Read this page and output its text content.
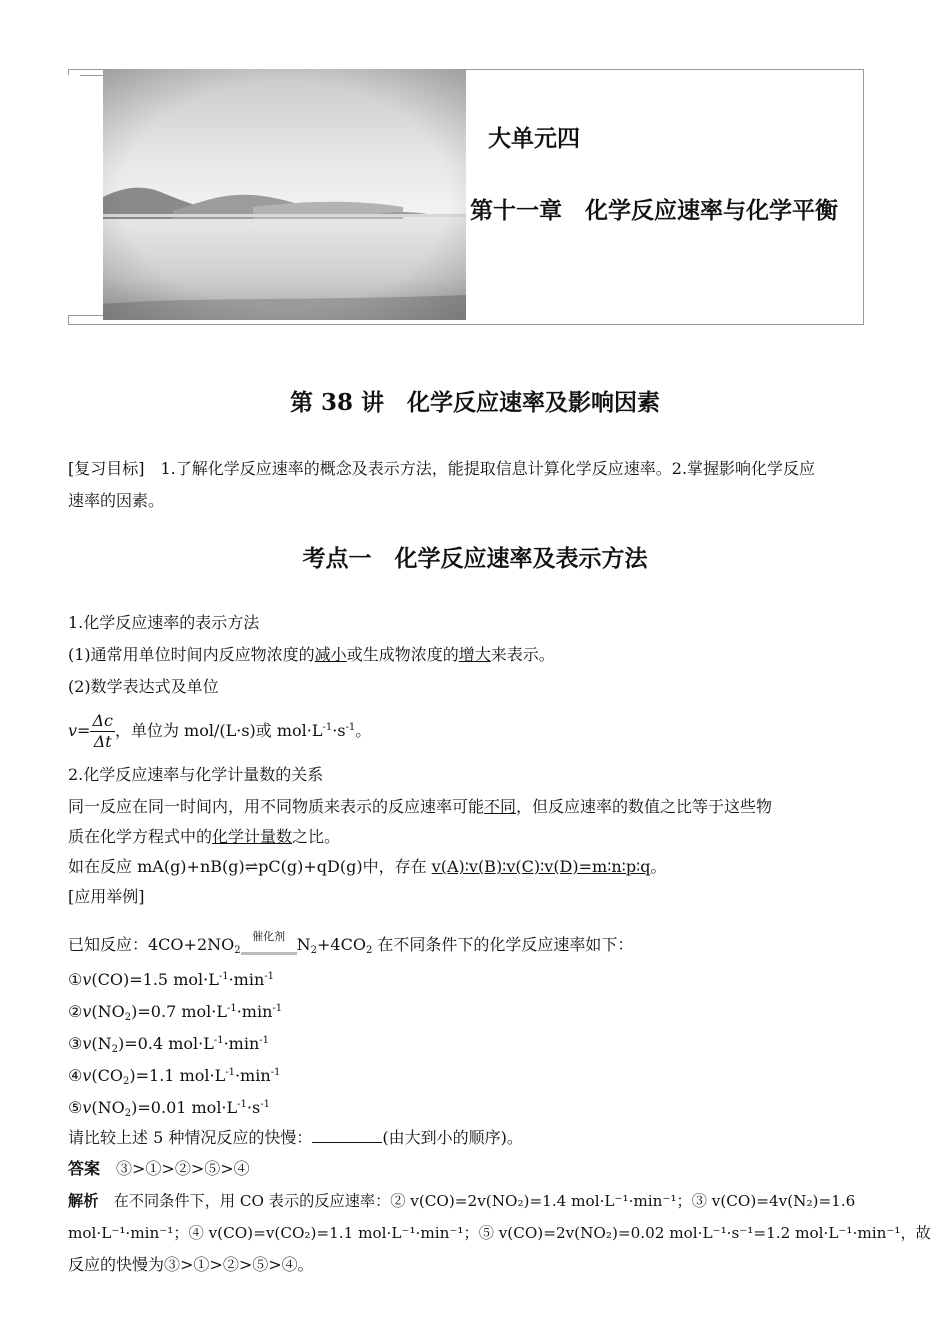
大单元四
第十一章　化学反应速率与化学平衡
第 38 讲　化学反应速率及影响因素
[复习目标]　1.了解化学反应速率的概念及表示方法，能提取信息计算化学反应速率。2.掌握影响化学反应
速率的因素。
考点一　化学反应速率及表示方法
1.化学反应速率的表示方法
(1)通常用单位时间内反应物浓度的减小或生成物浓度的增大来表示。
(2)数学表达式及单位
$v= \frac{\Delta c}{\Delta t}$ ，单位为 mol/(L·s)或 $mol\cdot L^{-1}\cdot s^{-1}$。
2.化学反应速率与化学计量数的关系
同一反应在同一时间内，用不同物质来表示的反应速率可能不同，但反应速率的数值之比等于这些物
质在化学方程式中的化学计量数之比。
如在反应 mA(g)+nB(g)⇌pC(g)+qD(g)中，存在 v(A)∶v(B)∶v(C)∶v(D)=m∶n∶p∶q。
[应用举例]
已知反应：$4CO+2NO_2$
催化剂 $N_2+4CO_2$ 在不同条件下的化学反应速率如下：
①v(CO)=1.5 $mol\cdot L^{-1}\cdot\min^{-1}$
$②v(NO_2)=0.7$ $mol\cdot L^{-1}\cdot\min^{-1}$
$③v(N_2)=0.4$ $mol\cdot L^{-1}\cdot\min^{-1}$
$④v(CO_2)=1.1$ $mol\cdot L^{-1}\cdot\min^{-1}$
$⑤v(NO_2)=0.01$ $mol\cdot L^{-1}\cdot s^{-1}$
请比较上述 5 种情况反应的快慢：	(由大到小的顺序)。
答案　③>①>②>⑤>④
解析　在不同条件下，用 CO 表示的反应速率：② v(CO)=2v(NO₂)=1.4 mol·L⁻¹·min⁻¹；③ v(CO)=4v(N₂)=1.6
mol·L⁻¹·min⁻¹；④ v(CO)=v(CO₂)=1.1 mol·L⁻¹·min⁻¹；⑤ v(CO)=2v(NO₂)=0.02 mol·L⁻¹·s⁻¹=1.2 mol·L⁻¹·min⁻¹，故
反应的快慢为③>①>②>⑤>④。
